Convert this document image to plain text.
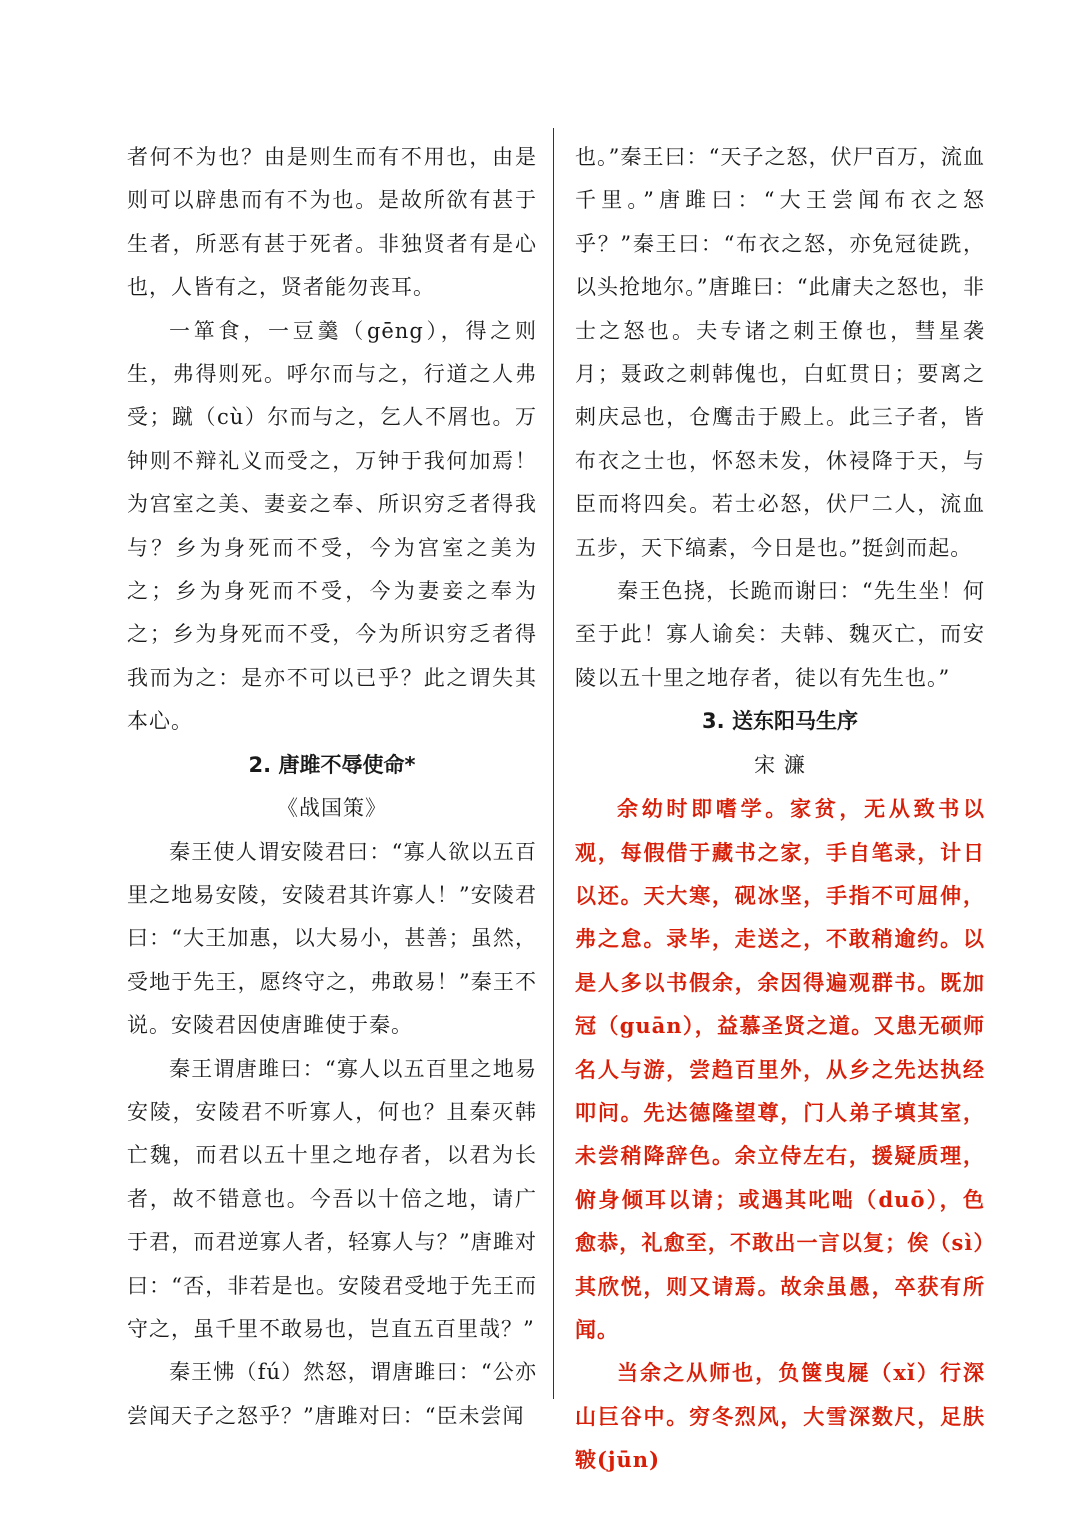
者何不为也？由是则生而有不用也，由是则可以辟患而有不为也。是故所欲有甚于生者，所恶有甚于死者。非独贤者有是心也，人皆有之，贤者能勿丧耳。

一箪食，一豆羹（gēng），得之则生，弗得则死。呼尔而与之，行道之人弗受；蹴（cù）尔而与之，乞人不屑也。万钟则不辩礼义而受之，万钟于我何加焉！为宫室之美、妻妾之奉、所识穷乏者得我与？乡为身死而不受，今为宫室之美为之；乡为身死而不受，今为妻妾之奉为之；乡为身死而不受，今为所识穷乏者得我而为之：是亦不可以已乎？此之谓失其本心。

2. 唐雎不辱使命*

《战国策》

秦王使人谓安陵君曰：“寡人欲以五百里之地易安陵，安陵君其许寡人！”安陵君曰：“大王加惠，以大易小，甚善；虽然，受地于先王，愿终守之，弗敢易！”秦王不说。安陵君因使唐雎使于秦。

秦王谓唐雎曰：“寡人以五百里之地易安陵，安陵君不听寡人，何也？且秦灭韩亡魏，而君以五十里之地存者，以君为长者，故不错意也。今吾以十倍之地，请广于君，而君逆寡人者，轻寡人与？”唐雎对曰：“否，非若是也。安陵君受地于先王而守之，虽千里不敢易也，岂直五百里哉？”

秦王怫（fú）然怒，谓唐雎曰：“公亦尝闻天子之怒乎？”唐雎对曰：“臣未尝闻

也。”秦王曰：“天子之怒，伏尸百万，流血千里。”唐雎曰：“大王尝闻布衣之怒乎？”秦王曰：“布衣之怒，亦免冠徒跣，以头抢地尔。”唐雎曰：“此庸夫之怒也，非士之怒也。夫专诸之刺王僚也，彗星袭月；聂政之刺韩傀也，白虹贯日；要离之刺庆忌也，仓鹰击于殿上。此三子者，皆布衣之士也，怀怒未发，休祲降于天，与臣而将四矣。若士必怒，伏尸二人，流血五步，天下缟素，今日是也。”挺剑而起。

秦王色挠，长跪而谢曰：“先生坐！何至于此！寡人谕矣：夫韩、魏灭亡，而安陵以五十里之地存者，徒以有先生也。”

3. 送东阳马生序

宋 濂

余幼时即嗜学。家贫，无从致书以观，每假借于藏书之家，手自笔录，计日以还。天大寒，砚冰坚，手指不可屈伸，弗之怠。录毕，走送之，不敢稍逾约。以是人多以书假余，余因得遍观群书。既加冠（guān），益慕圣贤之道。又患无硕师名人与游，尝趋百里外，从乡之先达执经叩问。先达德隆望尊，门人弟子填其室，未尝稍降辞色。余立侍左右，援疑质理，俯身倾耳以请；或遇其叱咄（duō），色愈恭，礼愈至，不敢出一言以复；俟（sì）其欣悦，则又请焉。故余虽愚，卒获有所闻。

当余之从师也，负箧曳屣（xǐ）行深山巨谷中。穷冬烈风，大雪深数尺，足肤皲(jūn)
